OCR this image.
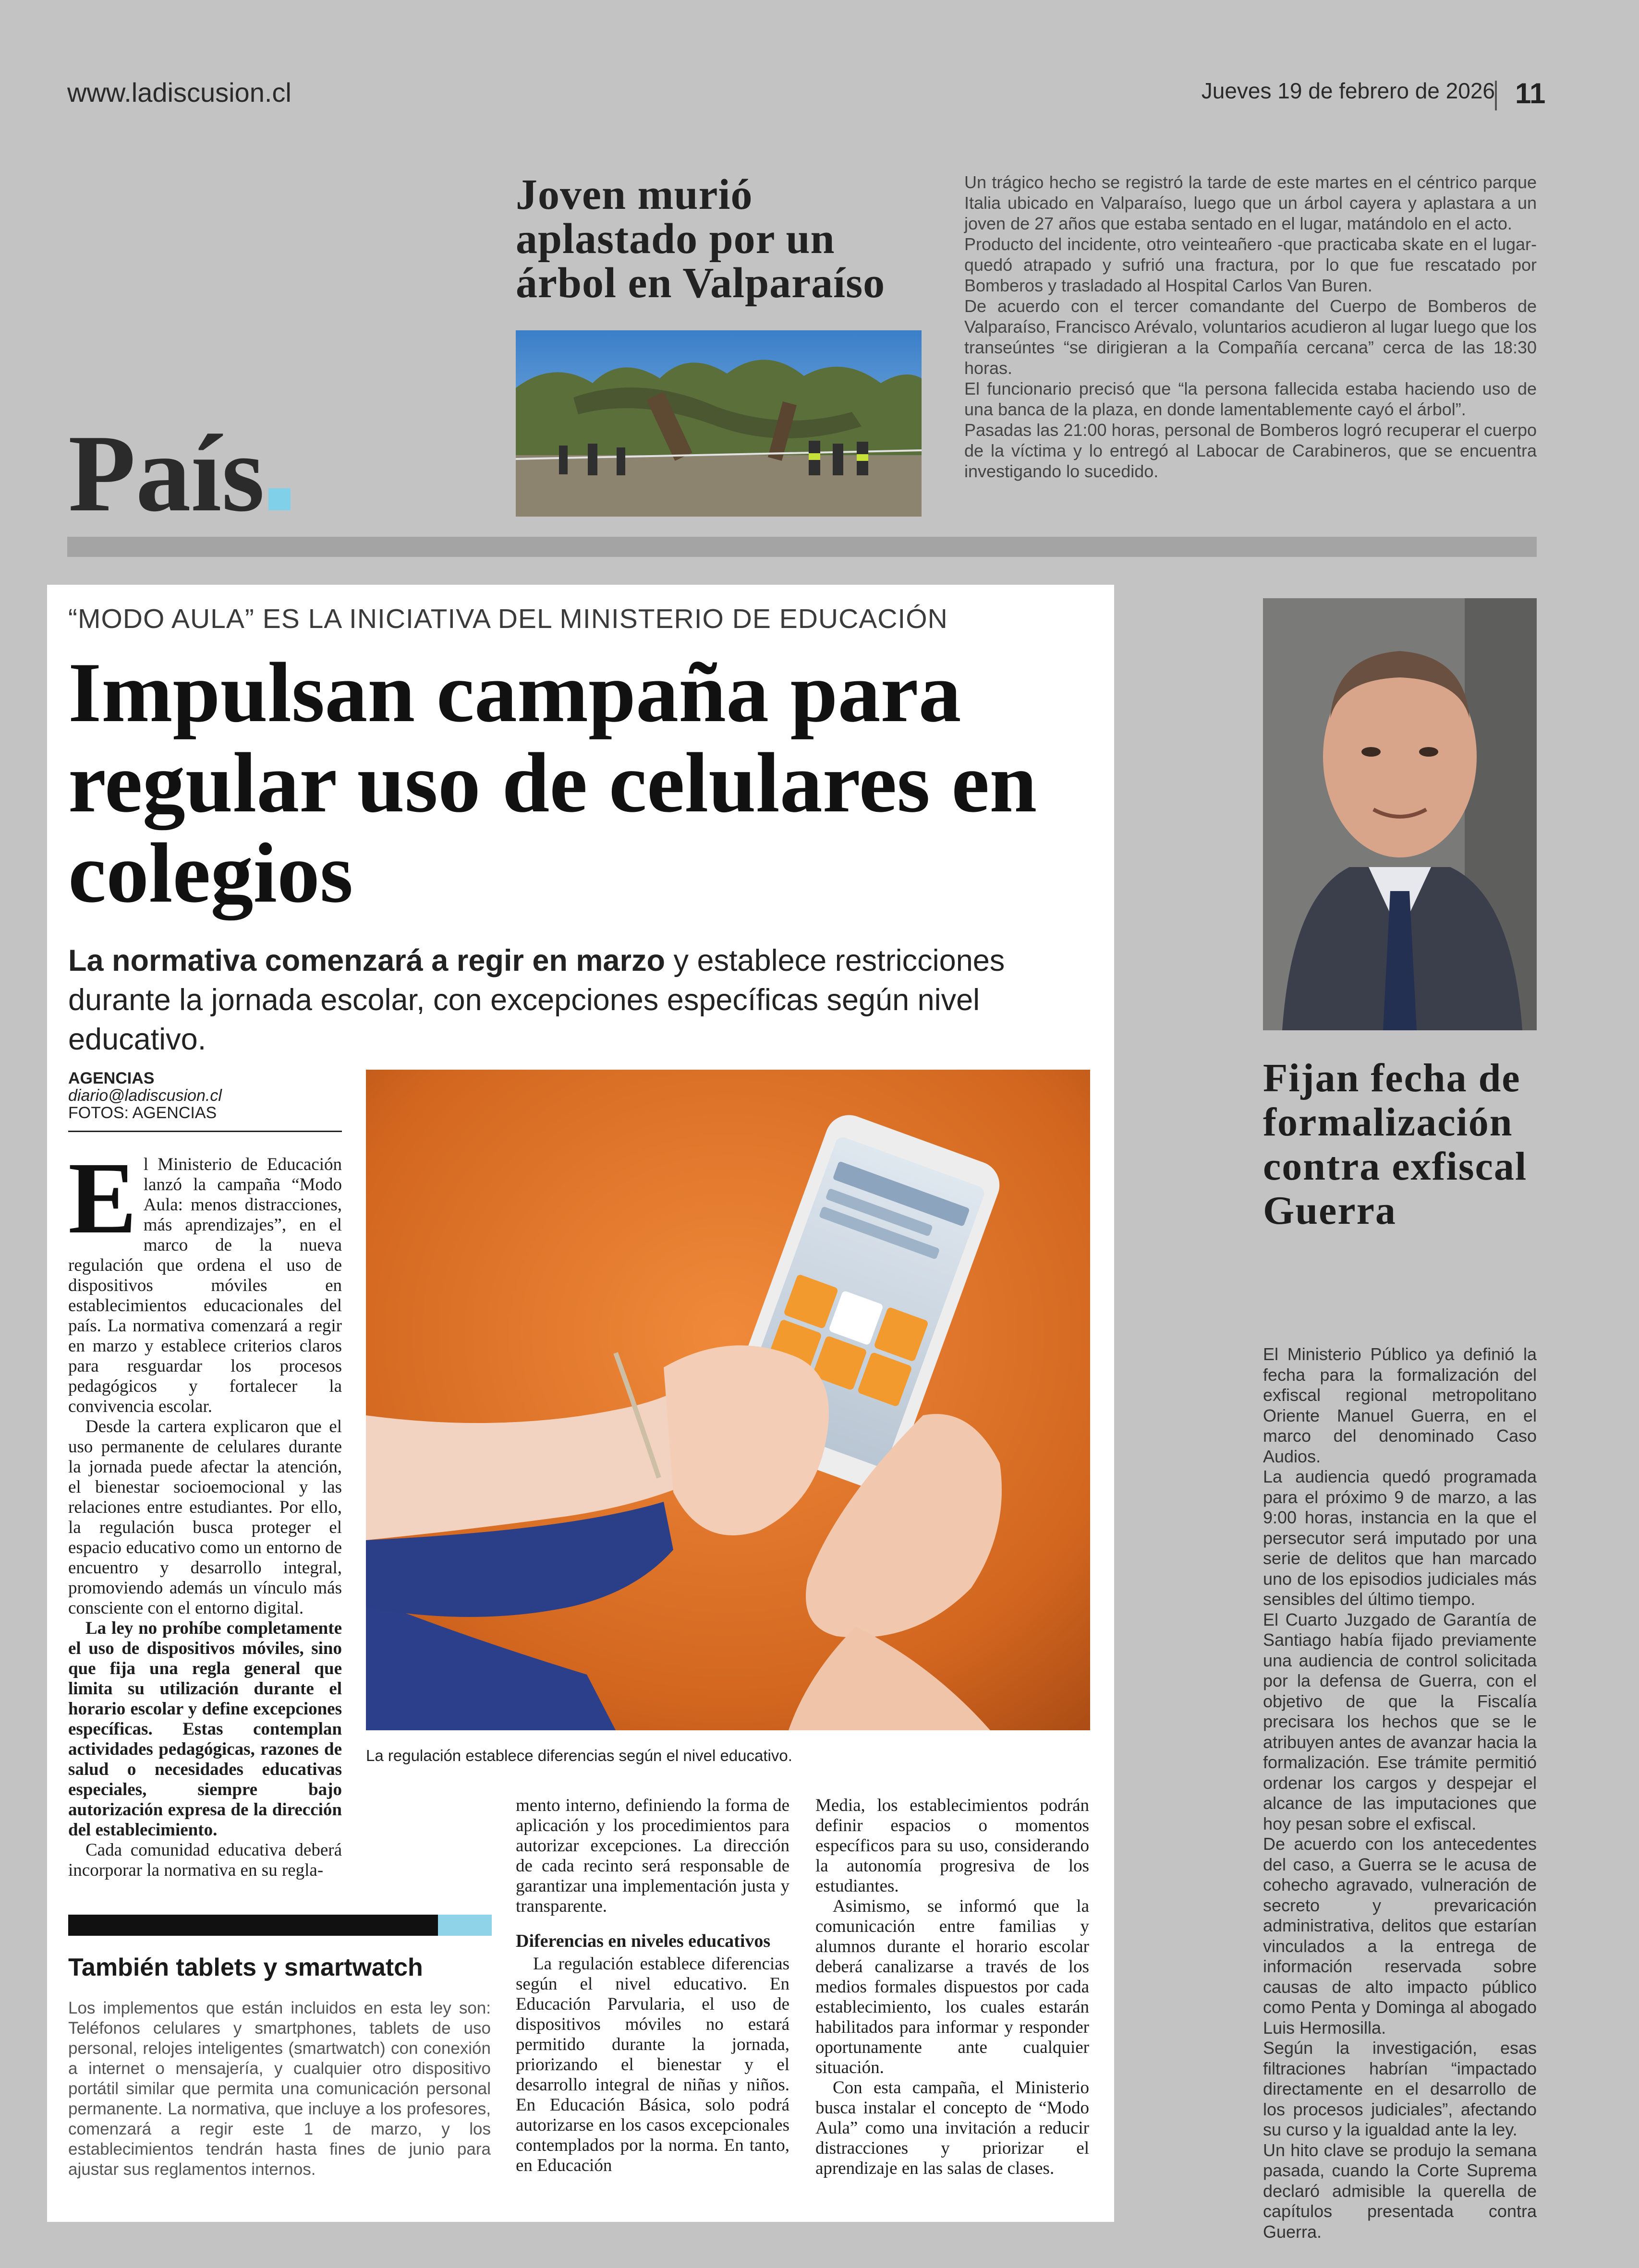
www.ladiscusion.cl	Jueves 19 de febrero de 2026 11
Joven murió aplastado por un árbol en Valparaíso

Un trágico hecho se registró la tarde de este martes en el céntrico parque Italia ubicado en Valparaíso, luego que un árbol cayera y aplastara a un joven de 27 años que estaba sentado en el lugar, matándolo en el acto.

Producto del incidente, otro veinteañero -que practicaba skate en el lugar- quedó atrapado y sufrió una fractura, por lo que fue rescatado por Bomberos y trasladado al Hospital Carlos Van Buren.

De acuerdo con el tercer comandante del Cuerpo de Bomberos de Valparaíso, Francisco Arévalo, voluntarios acudieron al lugar luego que los transeúntes “se dirigieran a la Compañía cercana” cerca de las 18:30 horas.

El funcionario precisó que “la persona fallecida estaba haciendo uso de una banca de la plaza, en donde lamentablemente cayó el árbol”.

Pasadas las 21:00 horas, personal de Bomberos logró recuperar el cuerpo de la víctima y lo entregó al Labocar de Carabineros, que se encuentra investigando lo sucedido.

País
“MODO AULA” ES LA INICIATIVA DEL MINISTERIO DE EDUCACIÓN
Impulsan campaña para regular uso de celulares en colegios
La normativa comenzará a regir en marzo y establece restricciones durante la jornada escolar, con excepciones específicas según nivel educativo.
AGENCIAS
diario@ladiscusion.cl
FOTOS: AGENCIAS

El Ministerio de Educación lanzó la campaña “Modo Aula: menos distracciones, más aprendizajes”, en el marco de la nueva regulación que ordena el uso de dispositivos móviles en establecimientos educacionales del país. La normativa comenzará a regir en marzo y establece criterios claros para resguardar los procesos pedagógicos y fortalecer la convivencia escolar.

Desde la cartera explicaron que el uso permanente de celulares durante la jornada puede afectar la atención, el bienestar socioemocional y las relaciones entre estudiantes. Por ello, la regulación busca proteger el espacio educativo como un entorno de encuentro y desarrollo integral, promoviendo además un vínculo más consciente con el entorno digital.

La ley no prohíbe completamente el uso de dispositivos móviles, sino que fija una regla general que limita su utilización durante el horario escolar y define excepciones específicas. Estas contemplan actividades pedagógicas, razones de salud o necesidades educativas especiales, siempre bajo autorización expresa de la dirección del establecimiento.

Cada comunidad educativa deberá incorporar la normativa en su regla-

La regulación establece diferencias según el nivel educativo.

mento interno, definiendo la forma de aplicación y los procedimientos para autorizar excepciones. La dirección de cada recinto será responsable de garantizar una implementación justa y transparente.

Diferencias en niveles educativos

La regulación establece diferencias según el nivel educativo. En Educación Parvularia, el uso de dispositivos móviles no estará permitido durante la jornada, priorizando el bienestar y el desarrollo integral de niñas y niños. En Educación Básica, solo podrá autorizarse en los casos excepcionales contemplados por la norma. En tanto, en Educación

Media, los establecimientos podrán definir espacios o momentos específicos para su uso, considerando la autonomía progresiva de los estudiantes.

Asimismo, se informó que la comunicación entre familias y alumnos durante el horario escolar deberá canalizarse a través de los medios formales dispuestos por cada establecimiento, los cuales estarán habilitados para informar y responder oportunamente ante cualquier situación.

Con esta campaña, el Ministerio busca instalar el concepto de “Modo Aula” como una invitación a reducir distracciones y priorizar el aprendizaje en las salas de clases.

También tablets y smartwatch
Los implementos que están incluidos en esta ley son: Teléfonos celulares y smartphones, tablets de uso personal, relojes inteligentes (smartwatch) con conexión a internet o mensajería, y cualquier otro dispositivo portátil similar que permita una comunicación personal permanente. La normativa, que incluye a los profesores, comenzará a regir este 1 de marzo, y los establecimientos tendrán hasta fines de junio para ajustar sus reglamentos internos.
Fijan fecha de formalización contra exfiscal Guerra

El Ministerio Público ya definió la fecha para la formalización del exfiscal regional metropolitano Oriente Manuel Guerra, en el marco del denominado Caso Audios.

La audiencia quedó programada para el próximo 9 de marzo, a las 9:00 horas, instancia en la que el persecutor será imputado por una serie de delitos que han marcado uno de los episodios judiciales más sensibles del último tiempo.

El Cuarto Juzgado de Garantía de Santiago había fijado previamente una audiencia de control solicitada por la defensa de Guerra, con el objetivo de que la Fiscalía precisara los hechos que se le atribuyen antes de avanzar hacia la formalización. Ese trámite permitió ordenar los cargos y despejar el alcance de las imputaciones que hoy pesan sobre el exfiscal.

De acuerdo con los antecedentes del caso, a Guerra se le acusa de cohecho agravado, vulneración de secreto y prevaricación administrativa, delitos que estarían vinculados a la entrega de información reservada sobre causas de alto impacto público como Penta y Dominga al abogado Luis Hermosilla.

Según la investigación, esas filtraciones habrían “impactado directamente en el desarrollo de los procesos judiciales”, afectando su curso y la igualdad ante la ley.

Un hito clave se produjo la semana pasada, cuando la Corte Suprema declaró admisible la querella de capítulos presentada contra Guerra.
